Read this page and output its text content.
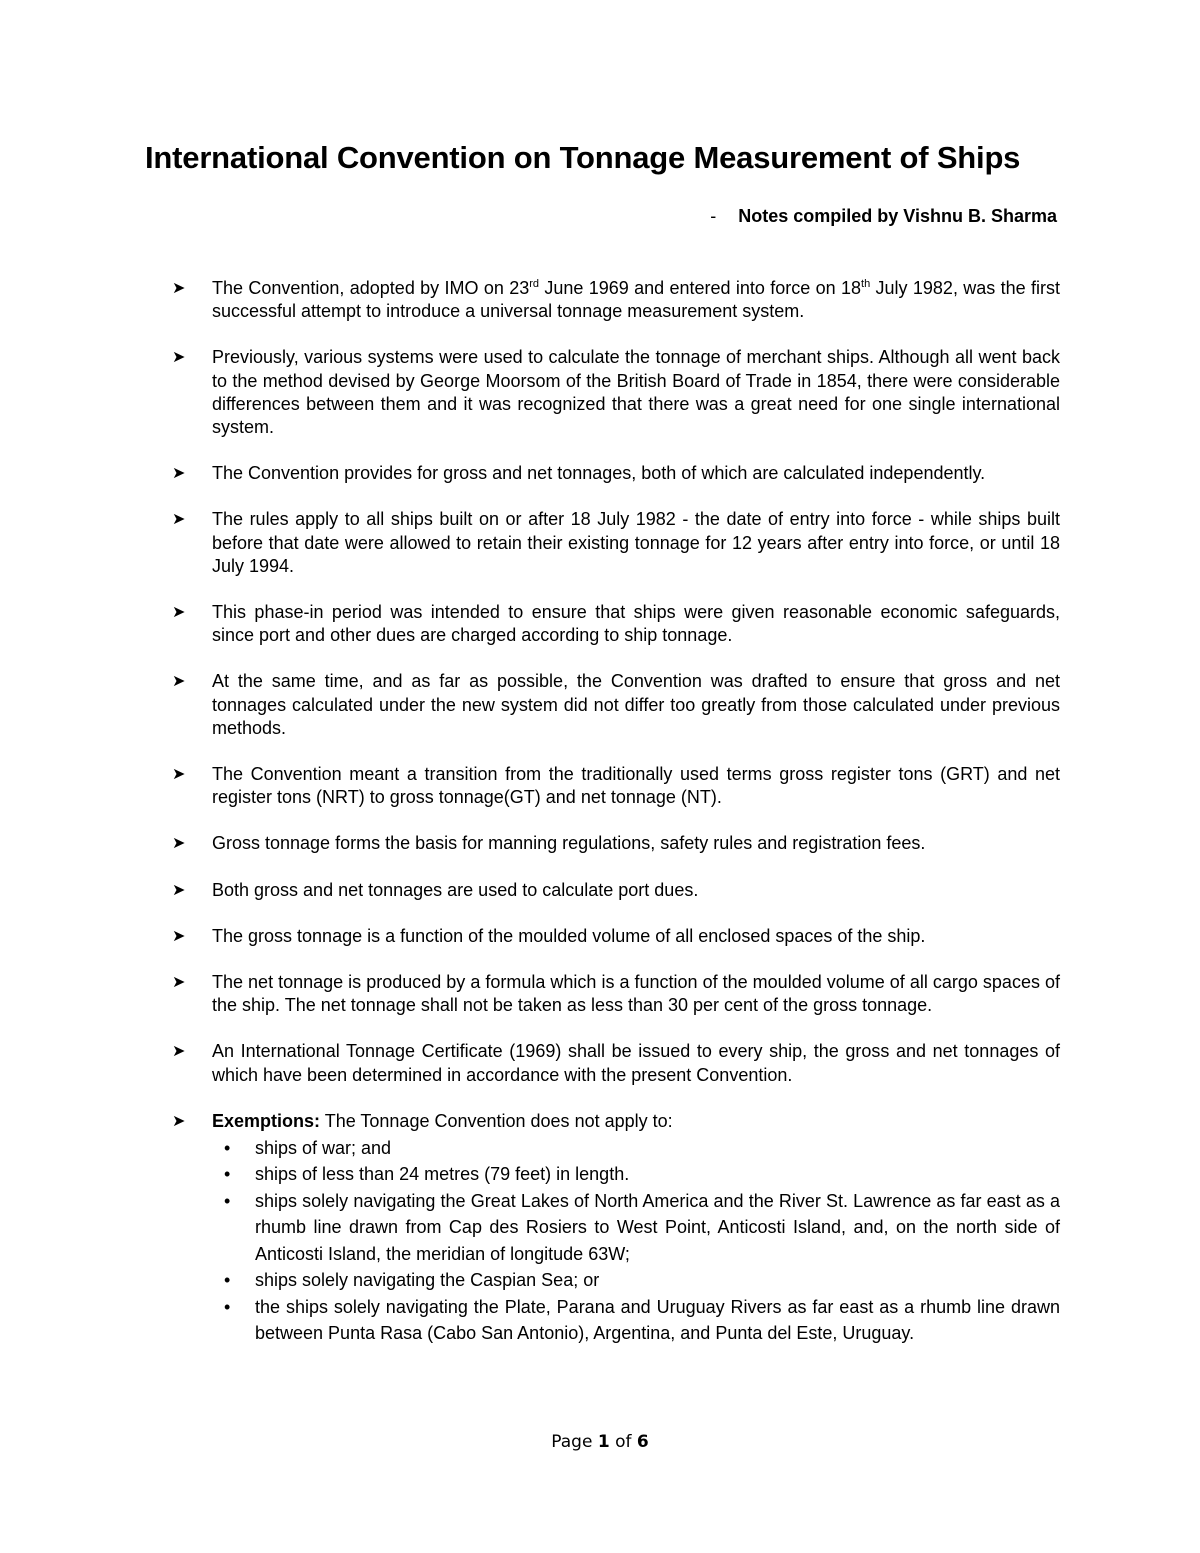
International Convention on Tonnage Measurement of Ships
- Notes compiled by Vishnu B. Sharma
➤ The Convention, adopted by IMO on 23rd June 1969 and entered into force on 18th July 1982, was the first successful attempt to introduce a universal tonnage measurement system.
➤ Previously, various systems were used to calculate the tonnage of merchant ships. Although all went back to the method devised by George Moorsom of the British Board of Trade in 1854, there were considerable differences between them and it was recognized that there was a great need for one single international system.
➤ The Convention provides for gross and net tonnages, both of which are calculated independently.
➤ The rules apply to all ships built on or after 18 July 1982 - the date of entry into force - while ships built before that date were allowed to retain their existing tonnage for 12 years after entry into force, or until 18 July 1994.
➤ This phase-in period was intended to ensure that ships were given reasonable economic safeguards, since port and other dues are charged according to ship tonnage.
➤ At the same time, and as far as possible, the Convention was drafted to ensure that gross and net tonnages calculated under the new system did not differ too greatly from those calculated under previous methods.
➤ The Convention meant a transition from the traditionally used terms gross register tons (GRT) and net register tons (NRT) to gross tonnage(GT) and net tonnage (NT).
➤ Gross tonnage forms the basis for manning regulations, safety rules and registration fees.
➤ Both gross and net tonnages are used to calculate port dues.
➤ The gross tonnage is a function of the moulded volume of all enclosed spaces of the ship.
➤ The net tonnage is produced by a formula which is a function of the moulded volume of all cargo spaces of the ship. The net tonnage shall not be taken as less than 30 per cent of the gross tonnage.
➤ An International Tonnage Certificate (1969) shall be issued to every ship, the gross and net tonnages of which have been determined in accordance with the present Convention.
➤ Exemptions: The Tonnage Convention does not apply to:
• ships of war; and
• ships of less than 24 metres (79 feet) in length.
• ships solely navigating the Great Lakes of North America and the River St. Lawrence as far east as a rhumb line drawn from Cap des Rosiers to West Point, Anticosti Island, and, on the north side of Anticosti Island, the meridian of longitude 63W;
• ships solely navigating the Caspian Sea; or
• the ships solely navigating the Plate, Parana and Uruguay Rivers as far east as a rhumb line drawn between Punta Rasa (Cabo San Antonio), Argentina, and Punta del Este, Uruguay.
Page 1 of 6
